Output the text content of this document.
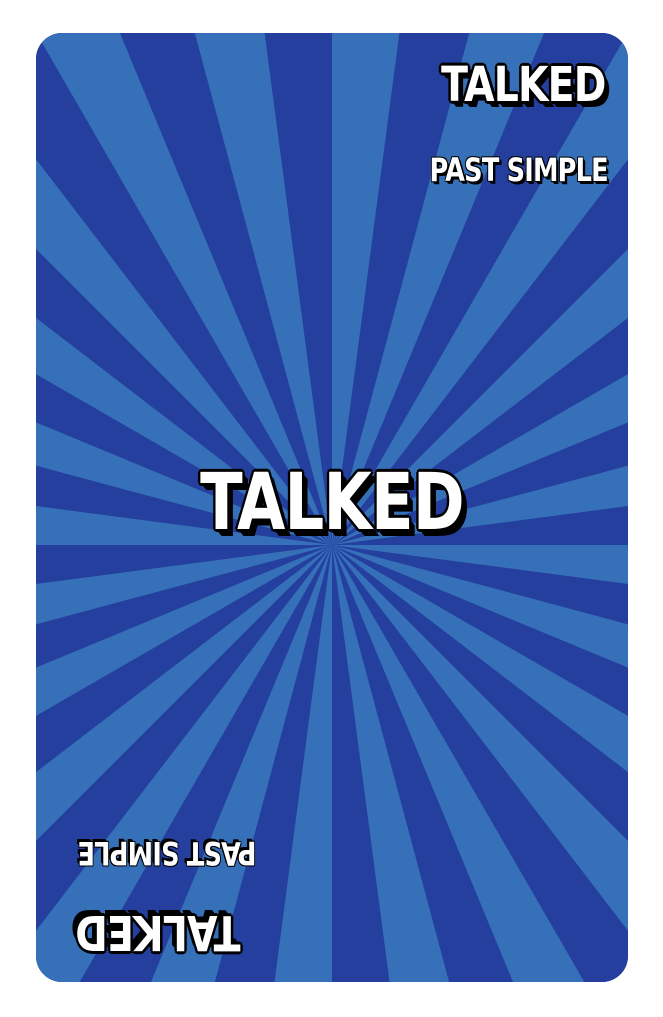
TALKED
PAST SIMPLE
TALKED
PAST SIMPLE
TALKED
